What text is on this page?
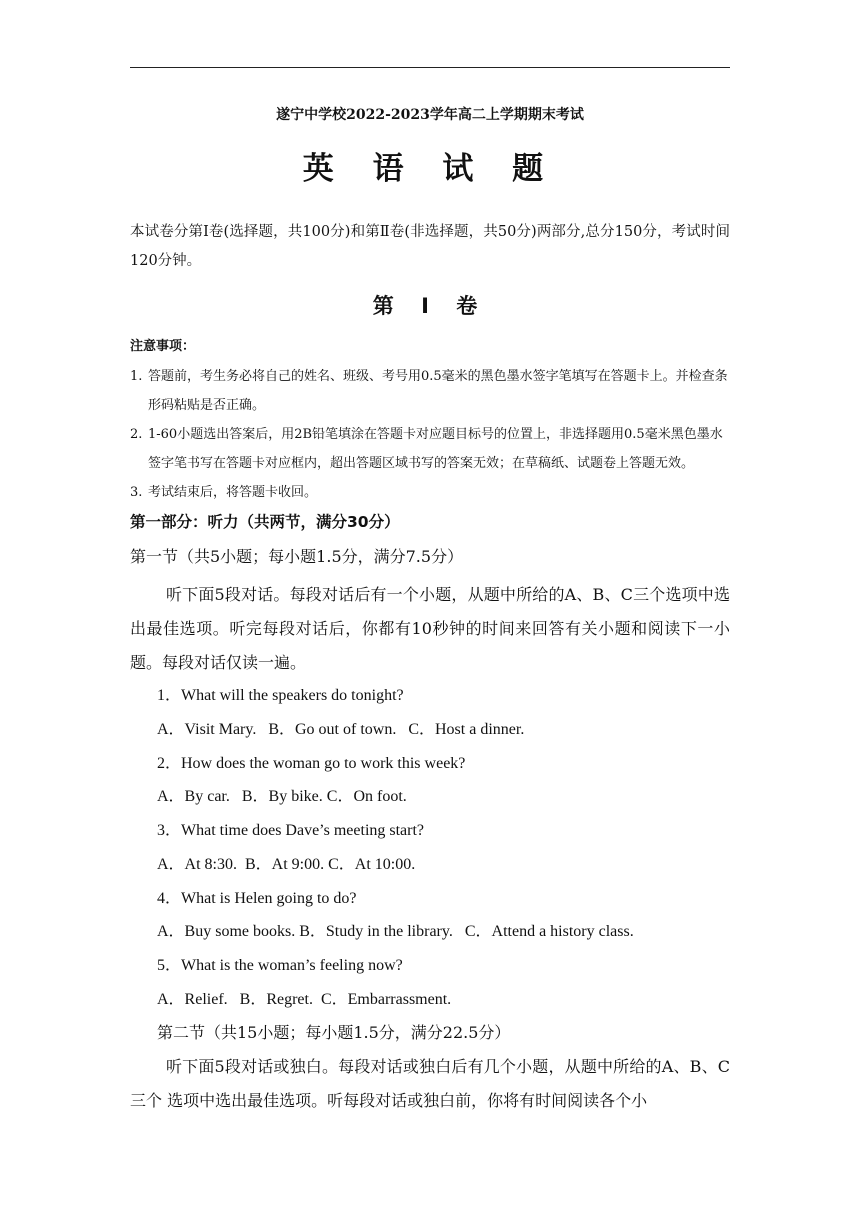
遂宁中学校2022-2023学年高二上学期期末考试
英 语 试 题
本试卷分第Ⅰ卷(选择题，共100分)和第Ⅱ卷(非选择题，共50分)两部分,总分150分，考试时间120分钟。
第 Ⅰ 卷
注意事项：
1. 答题前，考生务必将自己的姓名、班级、考号用0.5毫米的黑色墨水签字笔填写在答题卡上。并检查条形码粘贴是否正确。
2. 1-60小题选出答案后，用2B铅笔填涂在答题卡对应题目标号的位置上，非选择题用0.5毫米黑色墨水签字笔书写在答题卡对应框内，超出答题区域书写的答案无效；在草稿纸、试题卷上答题无效。
3. 考试结束后，将答题卡收回。
第一部分：听力（共两节，满分30分）
第一节（共5小题；每小题1.5分，满分7.5分）
听下面5段对话。每段对话后有一个小题，从题中所给的A、B、C三个选项中选出最佳选项。听完每段对话后，你都有10秒钟的时间来回答有关小题和阅读下一小题。每段对话仅读一遍。
1．What will the speakers do tonight?
A．Visit Mary.   B．Go out of town.   C．Host a dinner.
2．How does the woman go to work this week?
A．By car.   B．By bike. C．On foot.
3．What time does Dave’s meeting start?
A．At 8:30.  B．At 9:00. C．At 10:00.
4．What is Helen going to do?
A．Buy some books. B．Study in the library.   C．Attend a history class.
5．What is the woman’s feeling now?
A．Relief.   B．Regret.  C．Embarrassment.
第二节（共15小题；每小题1.5分，满分22.5分）
听下面5段对话或独白。每段对话或独白后有几个小题，从题中所给的A、B、C三个 选项中选出最佳选项。听每段对话或独白前，你将有时间阅读各个小
